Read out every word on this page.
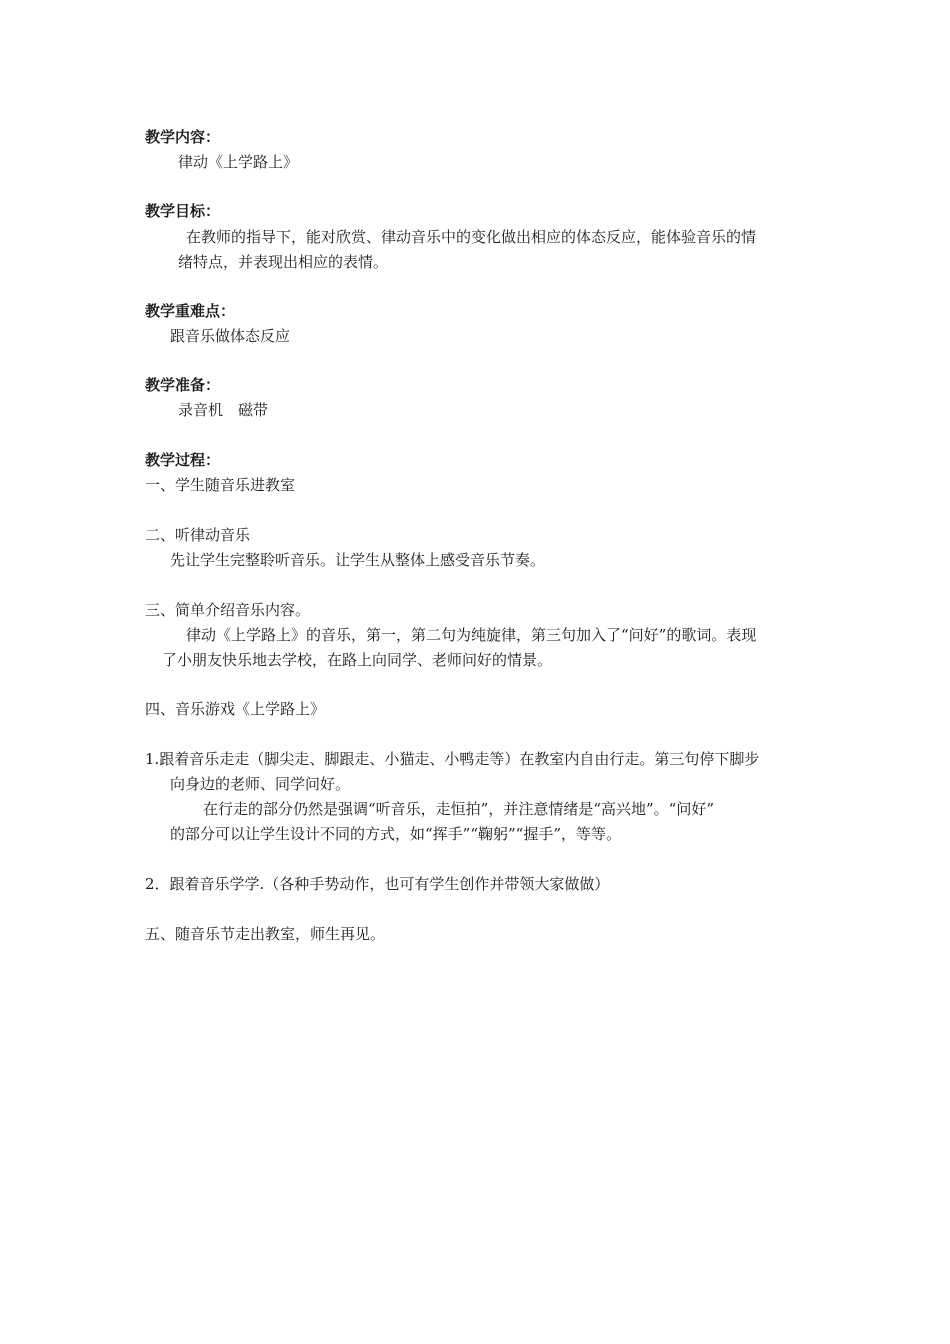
教学内容：
律动《上学路上》
教学目标：
在教师的指导下，能对欣赏、律动音乐中的变化做出相应的体态反应，能体验音乐的情
绪特点，并表现出相应的表情。
教学重难点：
跟音乐做体态反应
教学准备：
录音机　磁带
教学过程：
一、学生随音乐进教室
二、听律动音乐
先让学生完整聆听音乐。让学生从整体上感受音乐节奏。
三、简单介绍音乐内容。
律动《上学路上》的音乐，第一，第二句为纯旋律，第三句加入了“问好”的歌词。表现
了小朋友快乐地去学校，在路上向同学、老师问好的情景。
四、音乐游戏《上学路上》
1.跟着音乐走走（脚尖走、脚跟走、小猫走、小鸭走等）在教室内自由行走。第三句停下脚步
向身边的老师、同学问好。
在行走的部分仍然是强调“听音乐，走恒拍”，并注意情绪是“高兴地”。“问好”
的部分可以让学生设计不同的方式，如“挥手”“鞠躬”“握手”，等等。
2．跟着音乐学学.（各种手势动作，也可有学生创作并带领大家做做）
五、随音乐节走出教室，师生再见。
